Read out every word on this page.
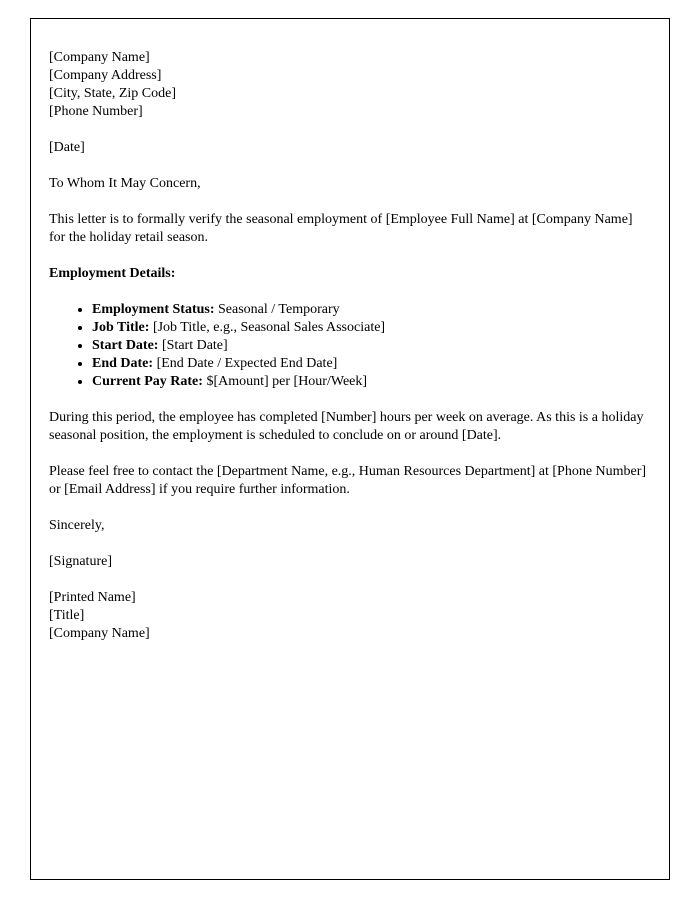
[Company Name]

[Company Address]

[City, State, Zip Code]

[Phone Number]

[Date]

To Whom It May Concern,

This letter is to formally verify the seasonal employment of [Employee Full Name] at [Company Name] for the holiday retail season.

Employment Details:

• Employment Status: Seasonal / Temporary
• Job Title: [Job Title, e.g., Seasonal Sales Associate]
• Start Date: [Start Date]
• End Date: [End Date / Expected End Date]
• Current Pay Rate: $[Amount] per [Hour/Week]

During this period, the employee has completed [Number] hours per week on average. As this is a holiday seasonal position, the employment is scheduled to conclude on or around [Date].

Please feel free to contact the [Department Name, e.g., Human Resources Department] at [Phone Number] or [Email Address] if you require further information.

Sincerely,

[Signature]

[Printed Name]

[Title]

[Company Name]
